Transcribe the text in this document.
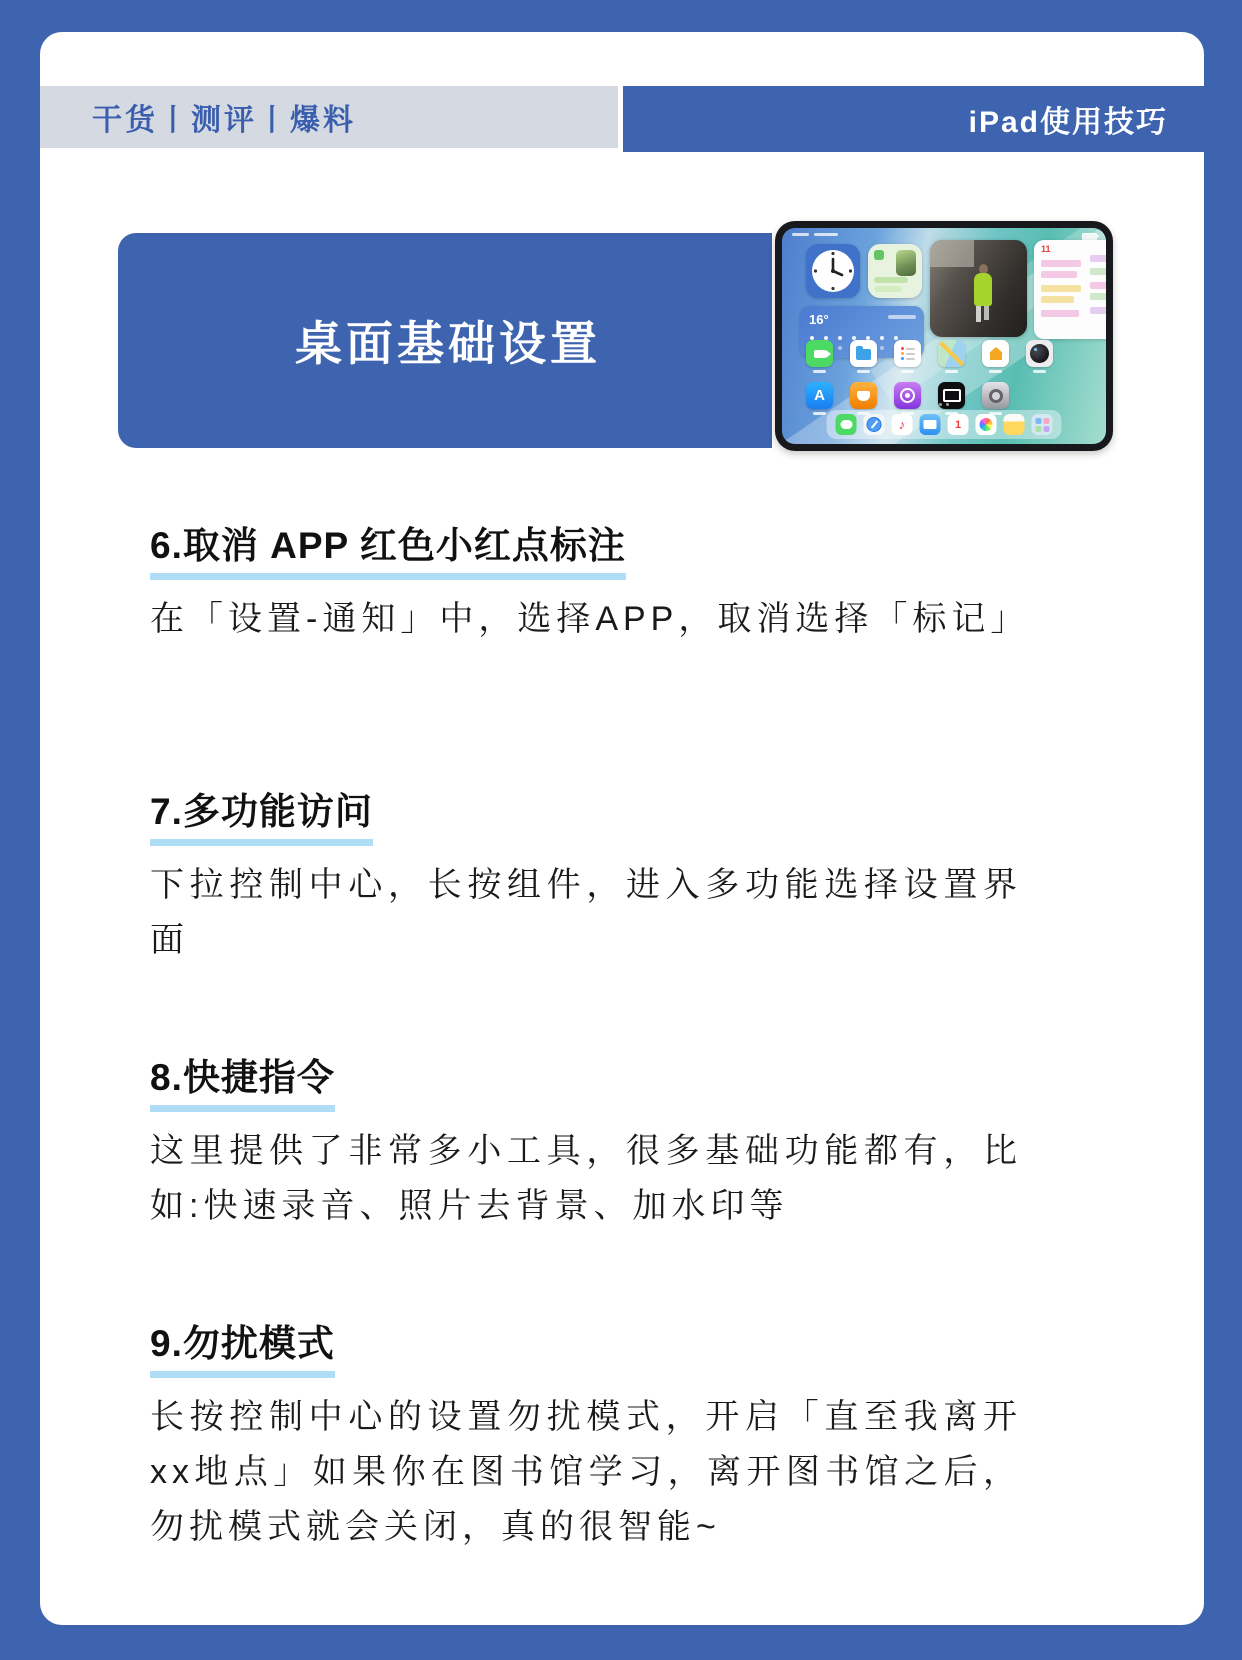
干货丨测评丨爆料	iPad使用技巧
桌面基础设置	16°
11
A
♪	1
6.取消 APP 红色小红点标注

在「设置-通知」中，选择APP，取消选择「标记」

7.多功能访问

下拉控制中心，长按组件，进入多功能选择设置界面

8.快捷指令

这里提供了非常多小工具，很多基础功能都有，比如:快速录音、照片去背景、加水印等

9.勿扰模式

长按控制中心的设置勿扰模式，开启「直至我离开xx地点」如果你在图书馆学习，离开图书馆之后，勿扰模式就会关闭，真的很智能~
